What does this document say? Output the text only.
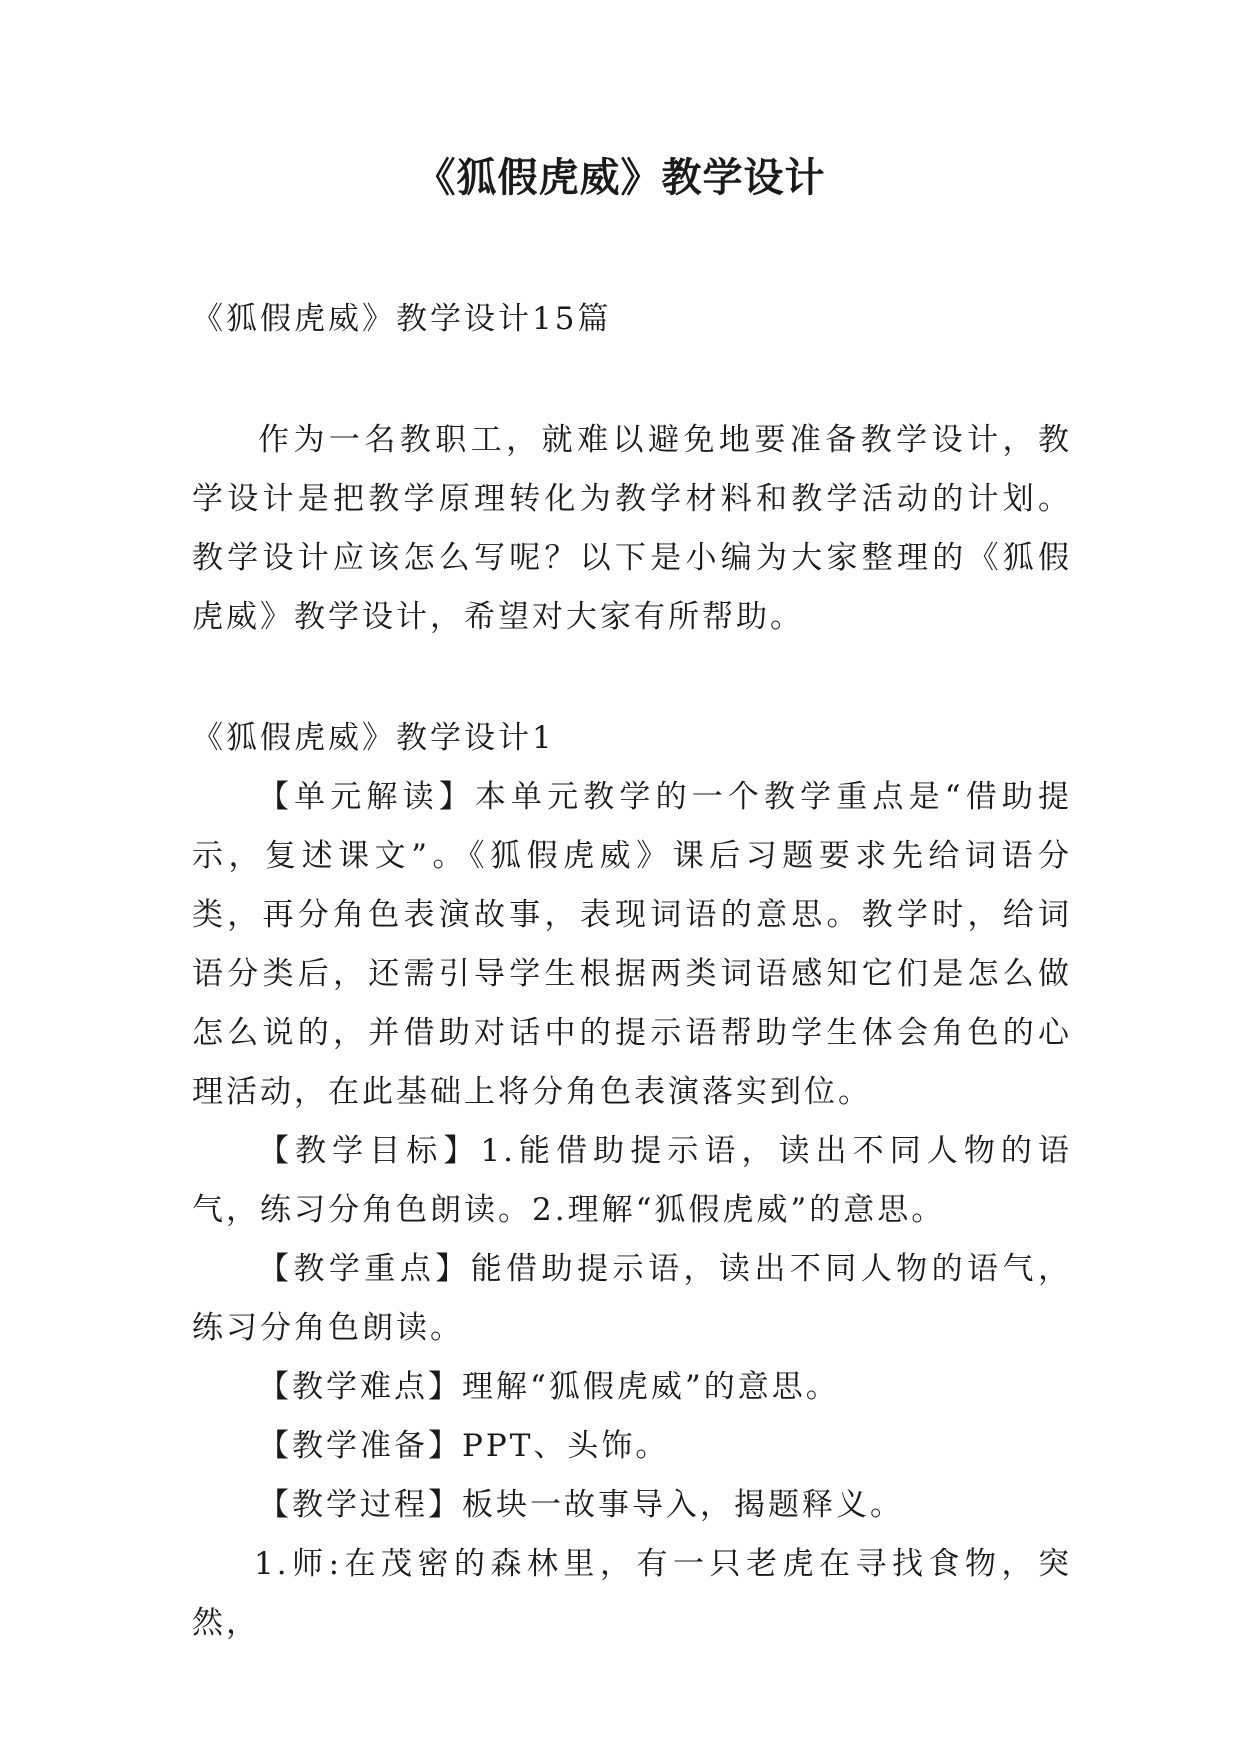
《狐假虎威》教学设计

《狐假虎威》教学设计15篇

作为一名教职工，就难以避免地要准备教学设计，教学设计是把教学原理转化为教学材料和教学活动的计划。教学设计应该怎么写呢？以下是小编为大家整理的《狐假虎威》教学设计，希望对大家有所帮助。

《狐假虎威》教学设计1

【单元解读】本单元教学的一个教学重点是“借助提示，复述课文”。《狐假虎威》课后习题要求先给词语分类，再分角色表演故事，表现词语的意思。教学时，给词语分类后，还需引导学生根据两类词语感知它们是怎么做怎么说的，并借助对话中的提示语帮助学生体会角色的心理活动，在此基础上将分角色表演落实到位。

【教学目标】1.能借助提示语，读出不同人物的语气，练习分角色朗读。2.理解“狐假虎威”的意思。

【教学重点】能借助提示语，读出不同人物的语气，练习分角色朗读。

【教学难点】理解“狐假虎威”的意思。

【教学准备】PPT、头饰。

【教学过程】板块一故事导入，揭题释义。

1.师:在茂密的森林里，有一只老虎在寻找食物，突然，
